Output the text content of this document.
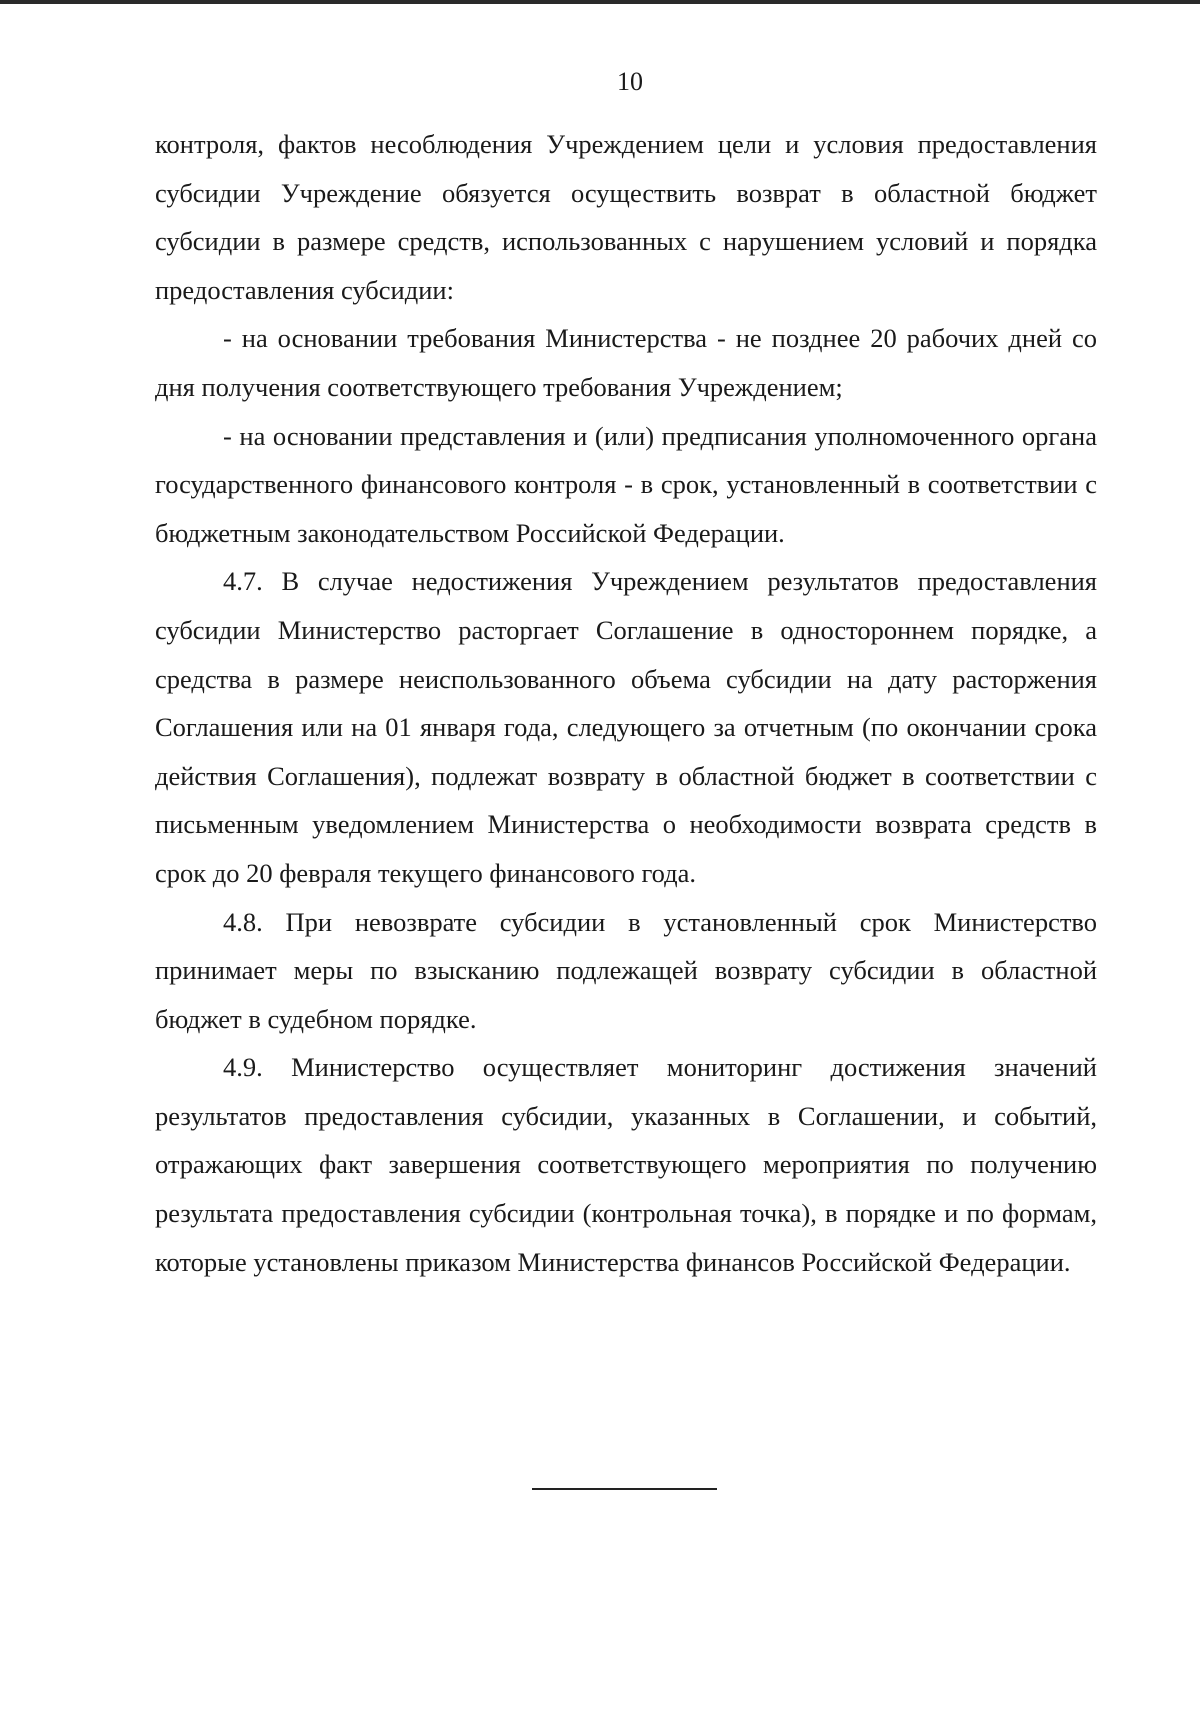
10

контроля, фактов несоблюдения Учреждением цели и условия предоставления субсидии Учреждение обязуется осуществить возврат в областной бюджет субсидии в размере средств, использованных с нарушением условий и порядка предоставления субсидии:

- на основании требования Министерства - не позднее 20 рабочих дней со дня получения соответствующего требования Учреждением;

- на основании представления и (или) предписания уполномоченного органа государственного финансового контроля - в срок, установленный в соответствии с бюджетным законодательством Российской Федерации.

4.7. В случае недостижения Учреждением результатов предоставления субсидии Министерство расторгает Соглашение в одностороннем порядке, а средства в размере неиспользованного объема субсидии на дату расторжения Соглашения или на 01 января года, следующего за отчетным (по окончании срока действия Соглашения), подлежат возврату в областной бюджет в соответствии с письменным уведомлением Министерства о необходимости возврата средств в срок до 20 февраля текущего финансового года.

4.8. При невозврате субсидии в установленный срок Министерство принимает меры по взысканию подлежащей возврату субсидии в областной бюджет в судебном порядке.

4.9. Министерство осуществляет мониторинг достижения значений результатов предоставления субсидии, указанных в Соглашении, и событий, отражающих факт завершения соответствующего мероприятия по получению результата предоставления субсидии (контрольная точка), в порядке и по формам, которые установлены приказом Министерства финансов Российской Федерации.
